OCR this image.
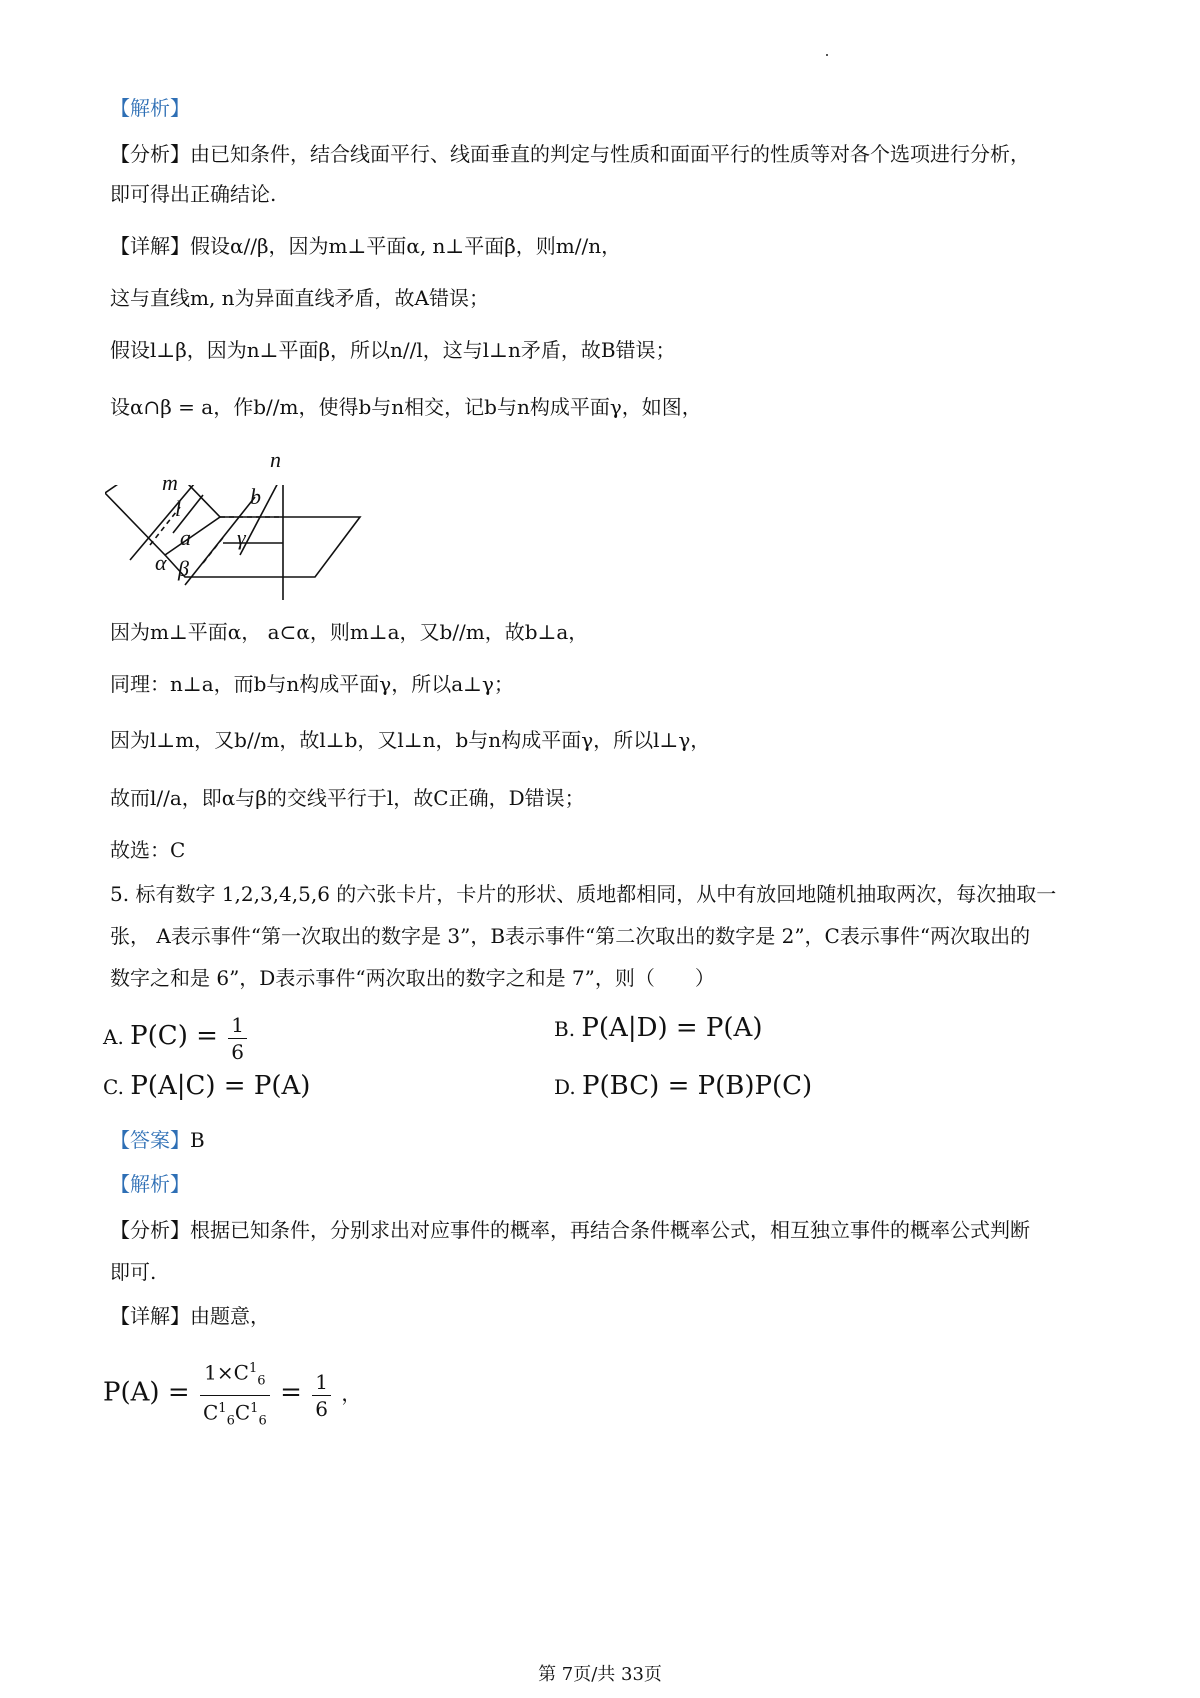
【解析】
【分析】由已知条件，结合线面平行、线面垂直的判定与性质和面面平行的性质等对各个选项进行分析，
即可得出正确结论.
【详解】假设α//β，因为m⊥平面α, n⊥平面β，则m//n，
这与直线m, n为异面直线矛盾，故A错误；
假设l⊥β，因为n⊥平面β，所以n//l，这与l⊥n矛盾，故B错误；
设α∩β = a，作b//m，使得b与n相交，记b与n构成平面γ，如图，
m
l
a
α β
b
n
γ
因为m⊥平面α， a⊂α，则m⊥a，又b//m，故b⊥a，
同理：n⊥a，而b与n构成平面γ，所以a⊥γ；
因为l⊥m，又b//m，故l⊥b，又l⊥n，b与n构成平面γ，所以l⊥γ，
故而l//a，即α与β的交线平行于l，故C正确，D错误；
故选：C
5. 标有数字 1,2,3,4,5,6 的六张卡片，卡片的形状、质地都相同，从中有放回地随机抽取两次，每次抽取一
张， A表示事件“第一次取出的数字是 3”，B表示事件“第二次取出的数字是 2”，C表示事件“两次取出的
数字之和是 6”，D表示事件“两次取出的数字之和是 7”，则（　　）
A. $P(C) = \frac{1}{6}$	B. P(A|D) = P(A)
C. P(A|C) = P(A)	D. P(BC) = P(B)P(C)
【答案】B
【解析】
【分析】根据已知条件，分别求出对应事件的概率，再结合条件概率公式，相互独立事件的概率公式判断
即可.
【详解】由题意，
$P(A) = \frac{1\times C^1_6}{C^1_6C^1_6} = \frac{1}{6}$ ，
第 7页/共 33页
